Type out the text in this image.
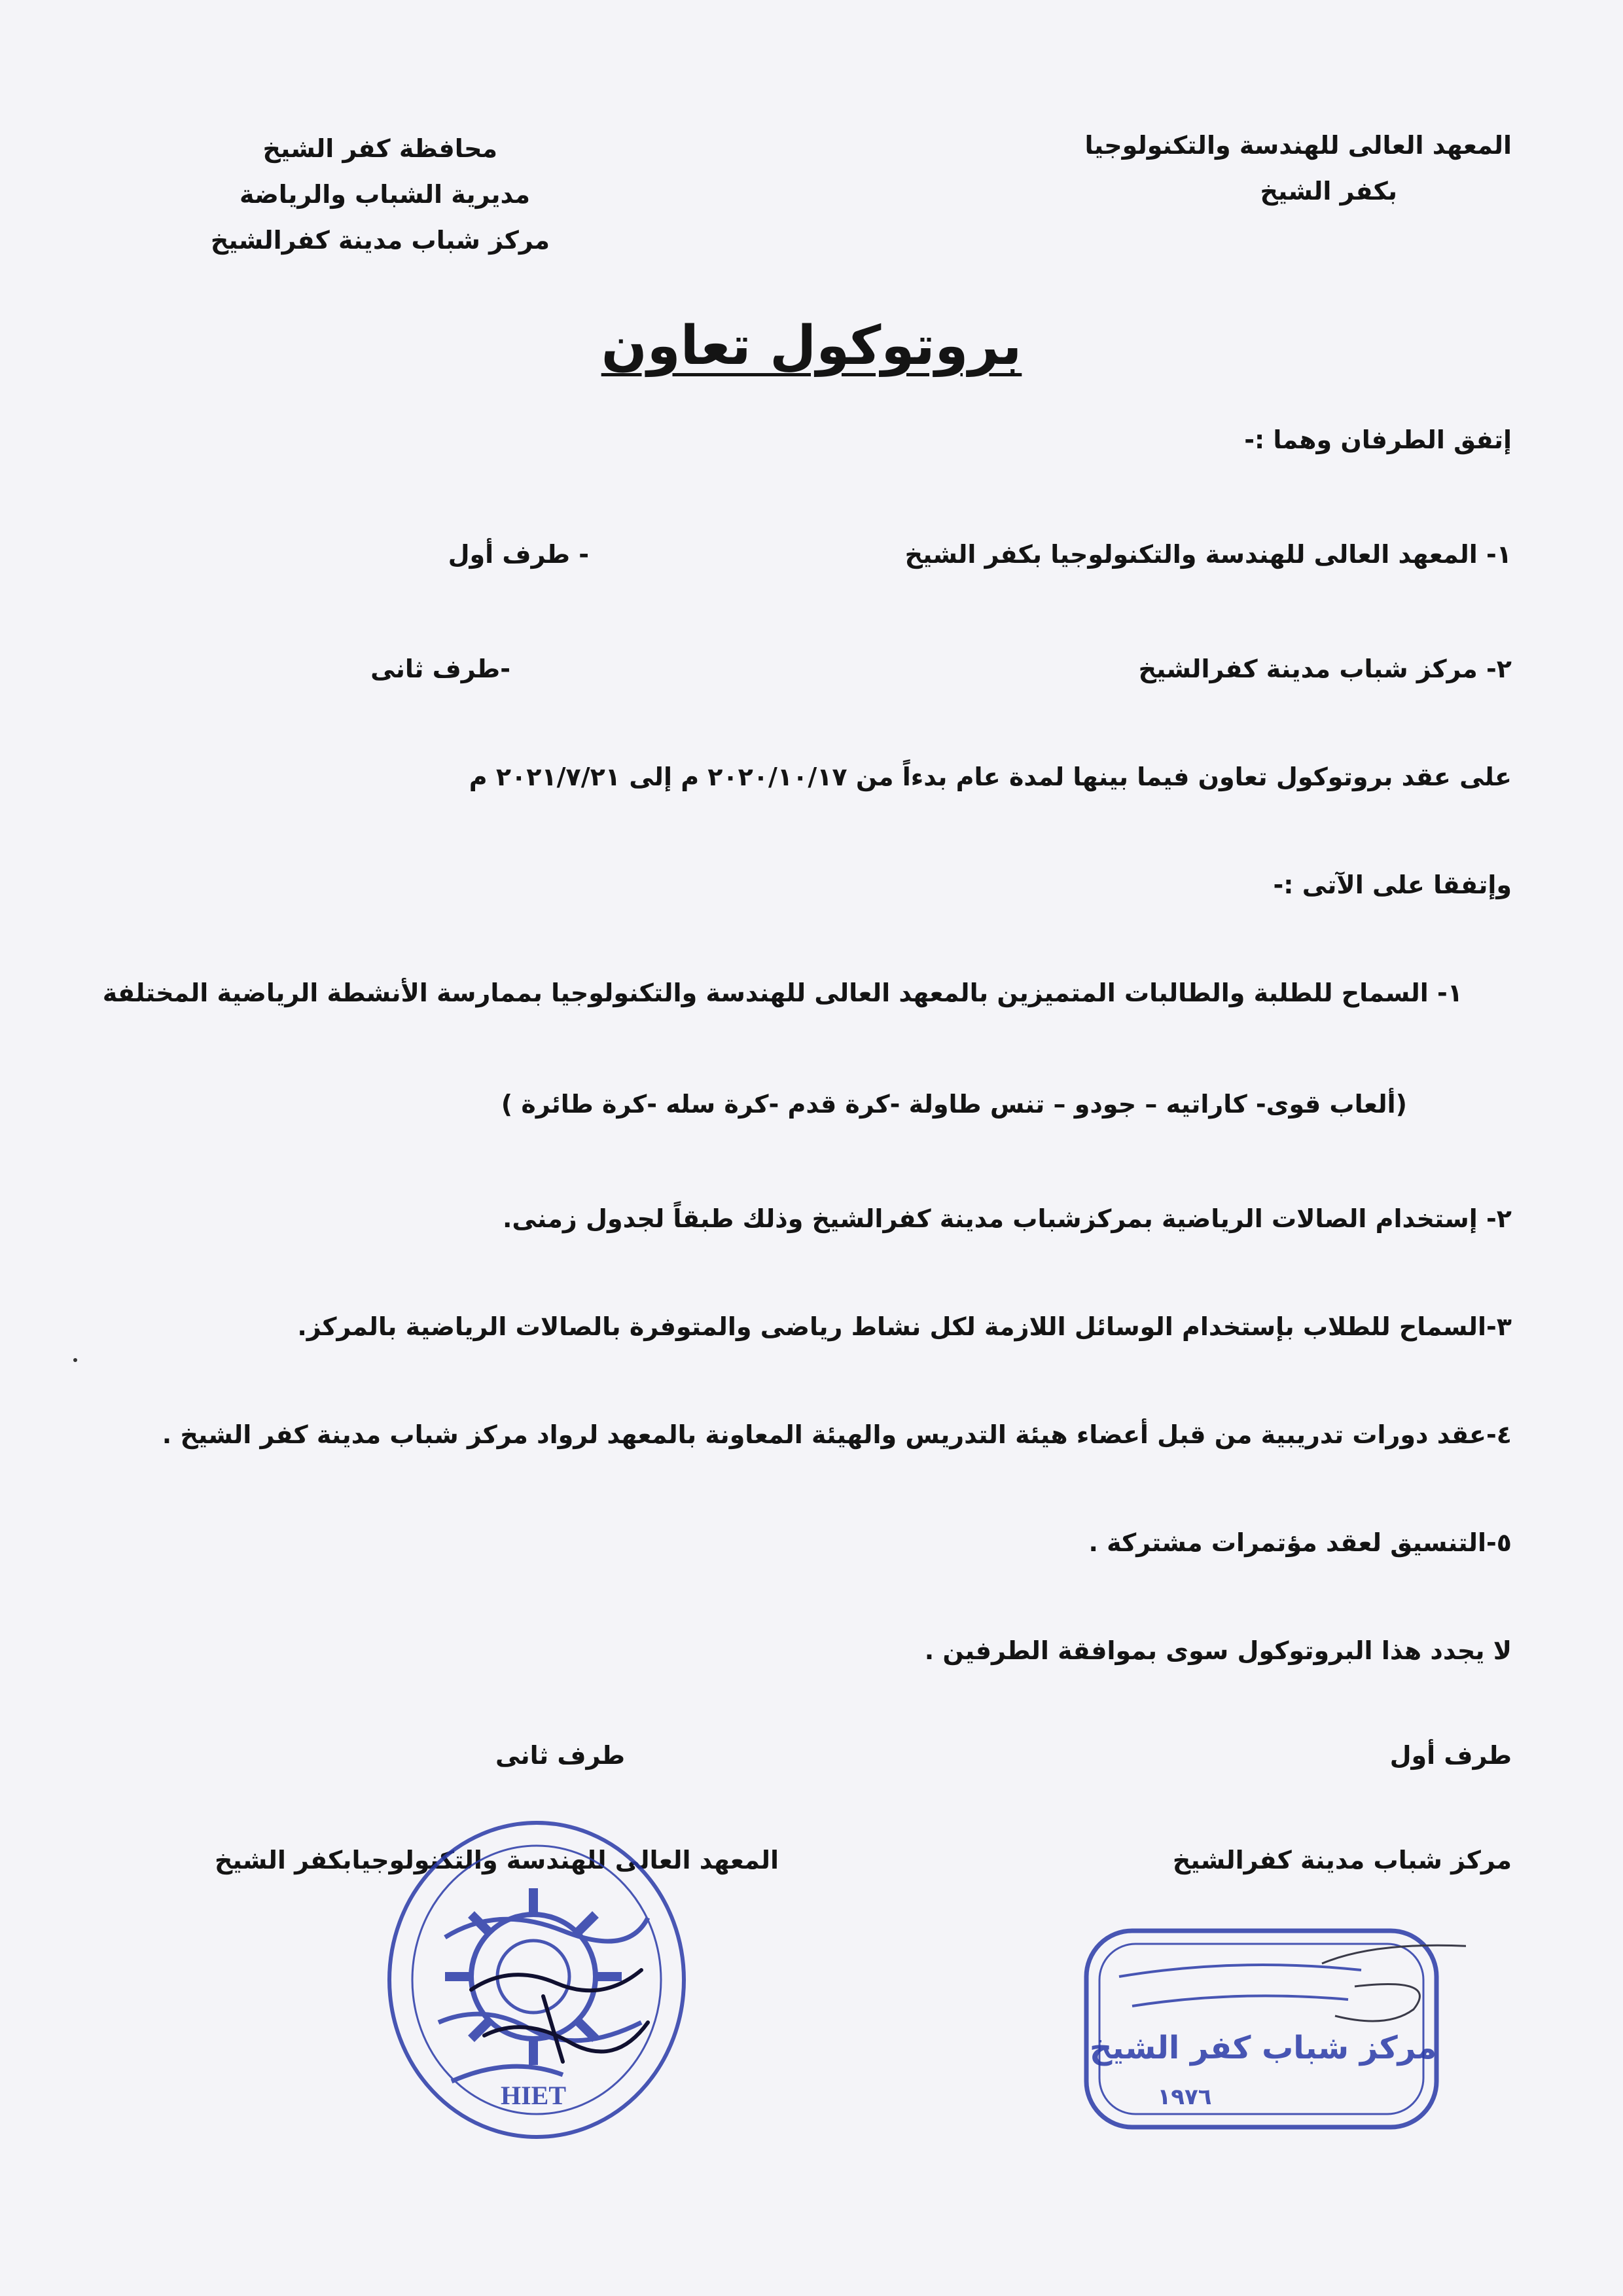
المعهد العالى للهندسة والتكنولوجيا
بكفر الشيخ
محافظة كفر الشيخ
مديرية الشباب والرياضة
مركز شباب مدينة كفرالشيخ
بروتوكول تعاون
إتفق الطرفان وهما :-
١- المعهد العالى للهندسة والتكنولوجيا بكفر الشيخ
- طرف أول
٢- مركز شباب مدينة كفرالشيخ
-طرف ثانى
على عقد بروتوكول تعاون فيما بينها لمدة عام بدءاً من ٢٠٢٠/١٠/١٧ م إلى ٢٠٢١/٧/٢١ م
وإتفقا على الآتى :-
١- السماح للطلبة والطالبات المتميزين بالمعهد العالى للهندسة والتكنولوجيا بممارسة الأنشطة الرياضية المختلفة
(ألعاب قوى- كاراتيه – جودو – تنس طاولة -كرة قدم -كرة سله -كرة طائرة )
٢- إستخدام الصالات الرياضية بمركزشباب مدينة كفرالشيخ وذلك طبقاً لجدول زمنى.
٣-السماح للطلاب بإستخدام الوسائل اللازمة لكل نشاط رياضى والمتوفرة بالصالات الرياضية بالمركز.
٤-عقد دورات تدريبية من قبل أعضاء هيئة التدريس والهيئة المعاونة بالمعهد لرواد مركز شباب مدينة كفر الشيخ .
٥-التنسيق لعقد مؤتمرات مشتركة .
لا يجدد هذا البروتوكول سوى بموافقة الطرفين .
طرف أول
طرف ثانى
مركز شباب مدينة كفرالشيخ
المعهد العالى للهندسة والتكنولوجيابكفر الشيخ
HIET
مركز شباب كفر الشيخ
١٩٧٦
